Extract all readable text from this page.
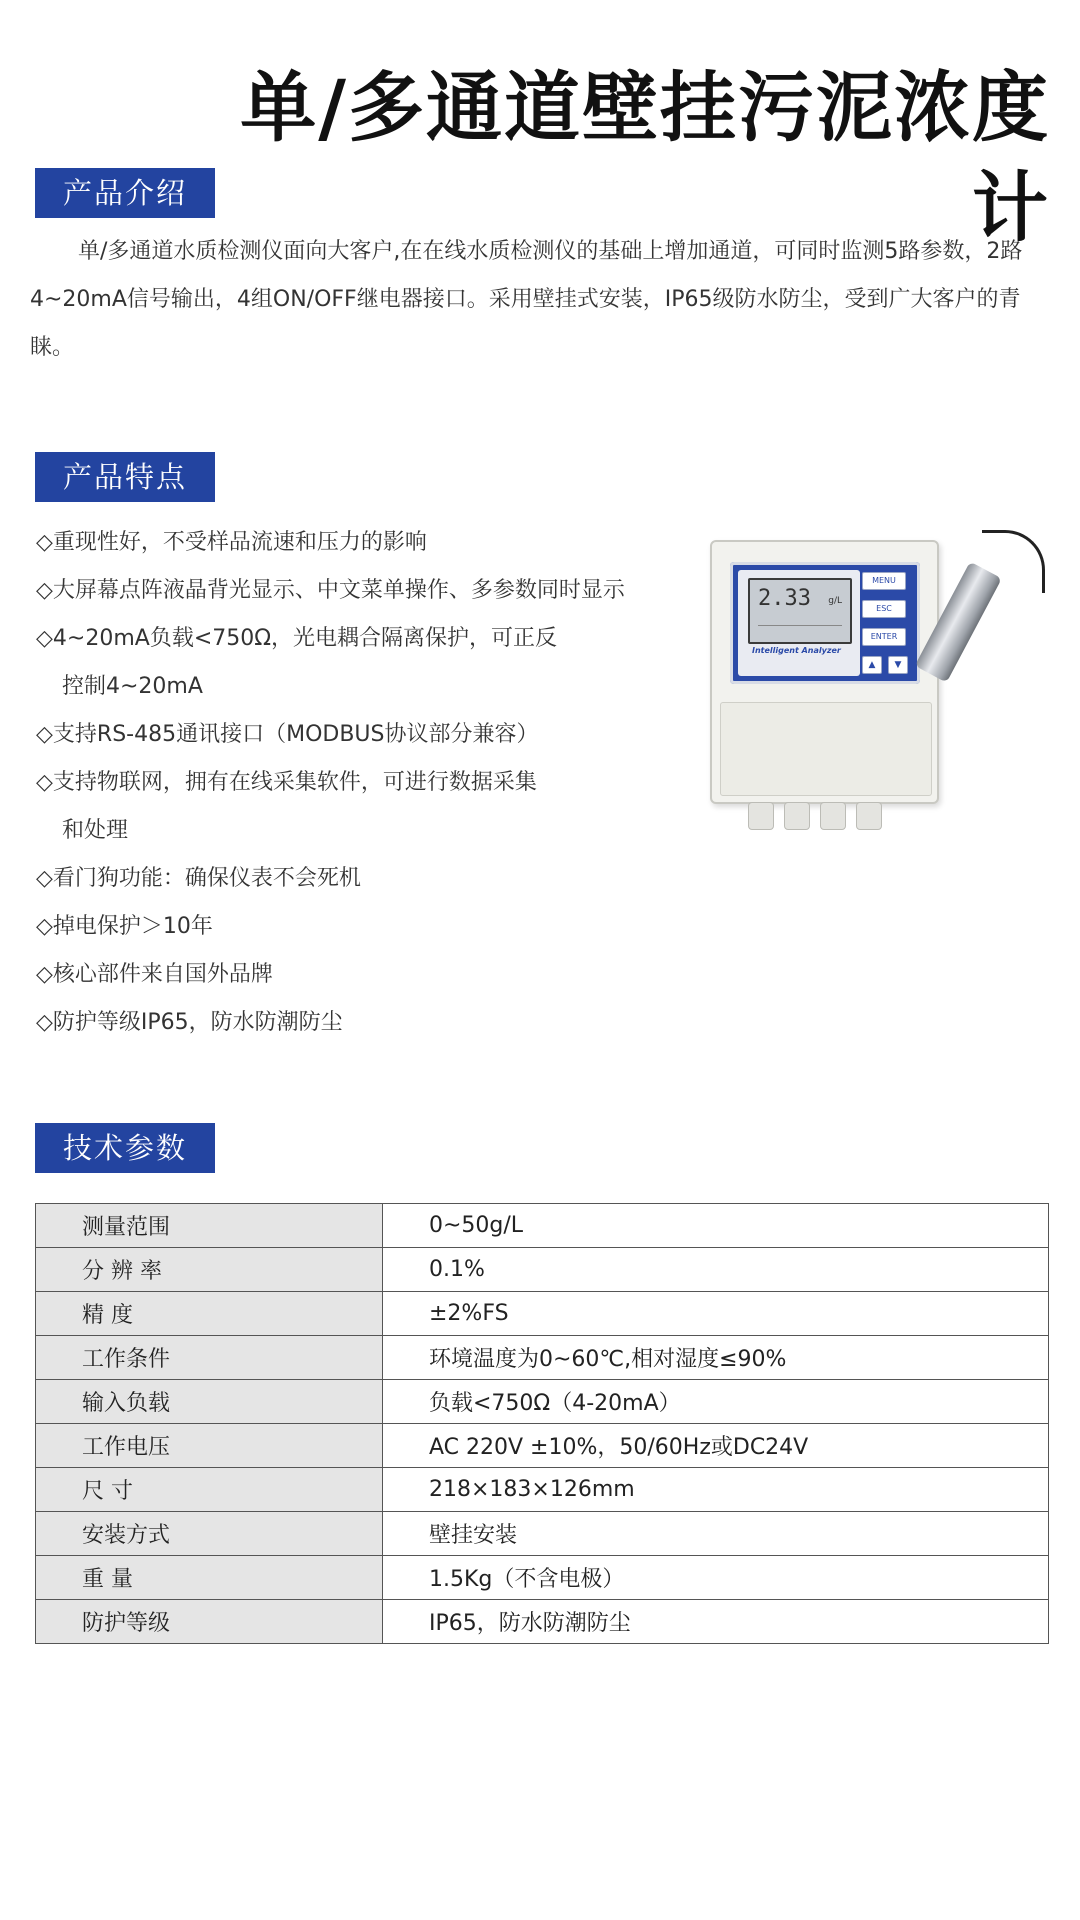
单/多通道壁挂污泥浓度计
产品介绍

单/多通道水质检测仪面向大客户,在在线水质检测仪的基础上增加通道，可同时监测5路参数，2路4~20mA信号输出，4组ON/OFF继电器接口。采用壁挂式安装，IP65级防水防尘，受到广大客户的青睐。

产品特点
◇重现性好，不受样品流速和压力的影响
◇大屏幕点阵液晶背光显示、中文菜单操作、多参数同时显示
◇4~20mA负载<750Ω，光电耦合隔离保护，可正反
控制4~20mA
◇支持RS-485通讯接口（MODBUS协议部分兼容）
◇支持物联网，拥有在线采集软件，可进行数据采集
和处理
◇看门狗功能：确保仪表不会死机
◇掉电保护＞10年
◇核心部件来自国外品牌
◇防护等级IP65，防水防潮防尘
2.33 g/L
Intelligent Analyzer
MENU
ESC
ENTER
▲	▼
技术参数
测量范围	0~50g/L
分 辨 率	0.1%
精 度	±2%FS
工作条件	环境温度为0~60℃,相对湿度≤90%
输入负载	负载<750Ω（4-20mA）
工作电压	AC 220V ±10%，50/60Hz或DC24V
尺 寸	218×183×126mm
安装方式	壁挂安装
重 量	1.5Kg（不含电极）
防护等级	IP65，防水防潮防尘
